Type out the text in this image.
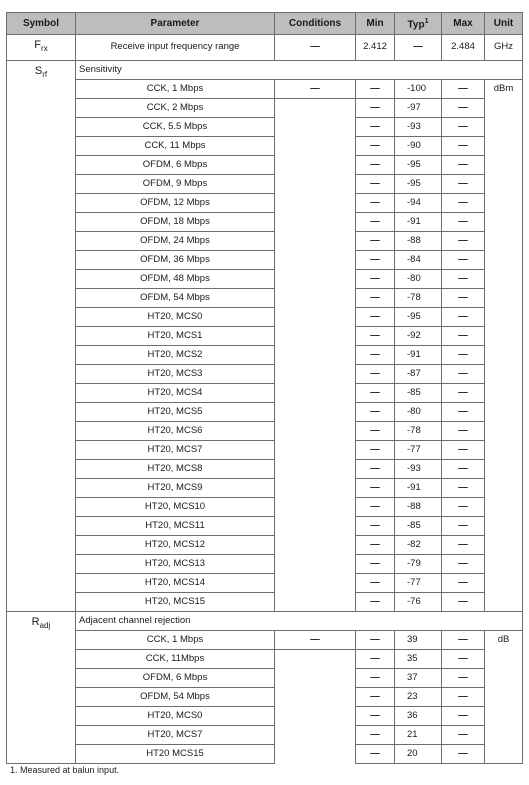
Symbol	Parameter	Conditions	Min	Typ$^1$	Max	Unit
$F_{rx}$	Receive input frequency range	—	2.412	—	2.484	GHz
$S_{rf}$	Sensitivity					
	CCK, 1 Mbps	—	—	-100	—	dBm
	CCK, 2 Mbps		—	-97	—	
	CCK, 5.5 Mbps		—	-93	—	
	CCK, 11 Mbps		—	-90	—	
	OFDM, 6 Mbps		—	-95	—	
	OFDM, 9 Mbps		—	-95	—	
	OFDM, 12 Mbps		—	-94	—	
	OFDM, 18 Mbps		—	-91	—	
	OFDM, 24 Mbps		—	-88	—	
	OFDM, 36 Mbps		—	-84	—	
	OFDM, 48 Mbps		—	-80	—	
	OFDM, 54 Mbps		—	-78	—	
	HT20, MCS0		—	-95	—	
	HT20, MCS1		—	-92	—	
	HT20, MCS2		—	-91	—	
	HT20, MCS3		—	-87	—	
	HT20, MCS4		—	-85	—	
	HT20, MCS5		—	-80	—	
	HT20, MCS6		—	-78	—	
	HT20, MCS7		—	-77	—	
	HT20, MCS8		—	-93	—	
	HT20, MCS9		—	-91	—	
	HT20, MCS10		—	-88	—	
	HT20, MCS11		—	-85	—	
	HT20, MCS12		—	-82	—	
	HT20, MCS13		—	-79	—	
	HT20, MCS14		—	-77	—	
	HT20, MCS15		—	-76	—	
$R_{adj}$	Adjacent channel rejection					
	CCK, 1 Mbps	—	—	39	—	dB
	CCK, 11Mbps		—	35	—	
	OFDM, 6 Mbps		—	37	—	
	OFDM, 54 Mbps		—	23	—	
	HT20, MCS0		—	36	—	
	HT20, MCS7		—	21	—	
	HT20 MCS15		—	20	—	
1. Measured at balun input.
